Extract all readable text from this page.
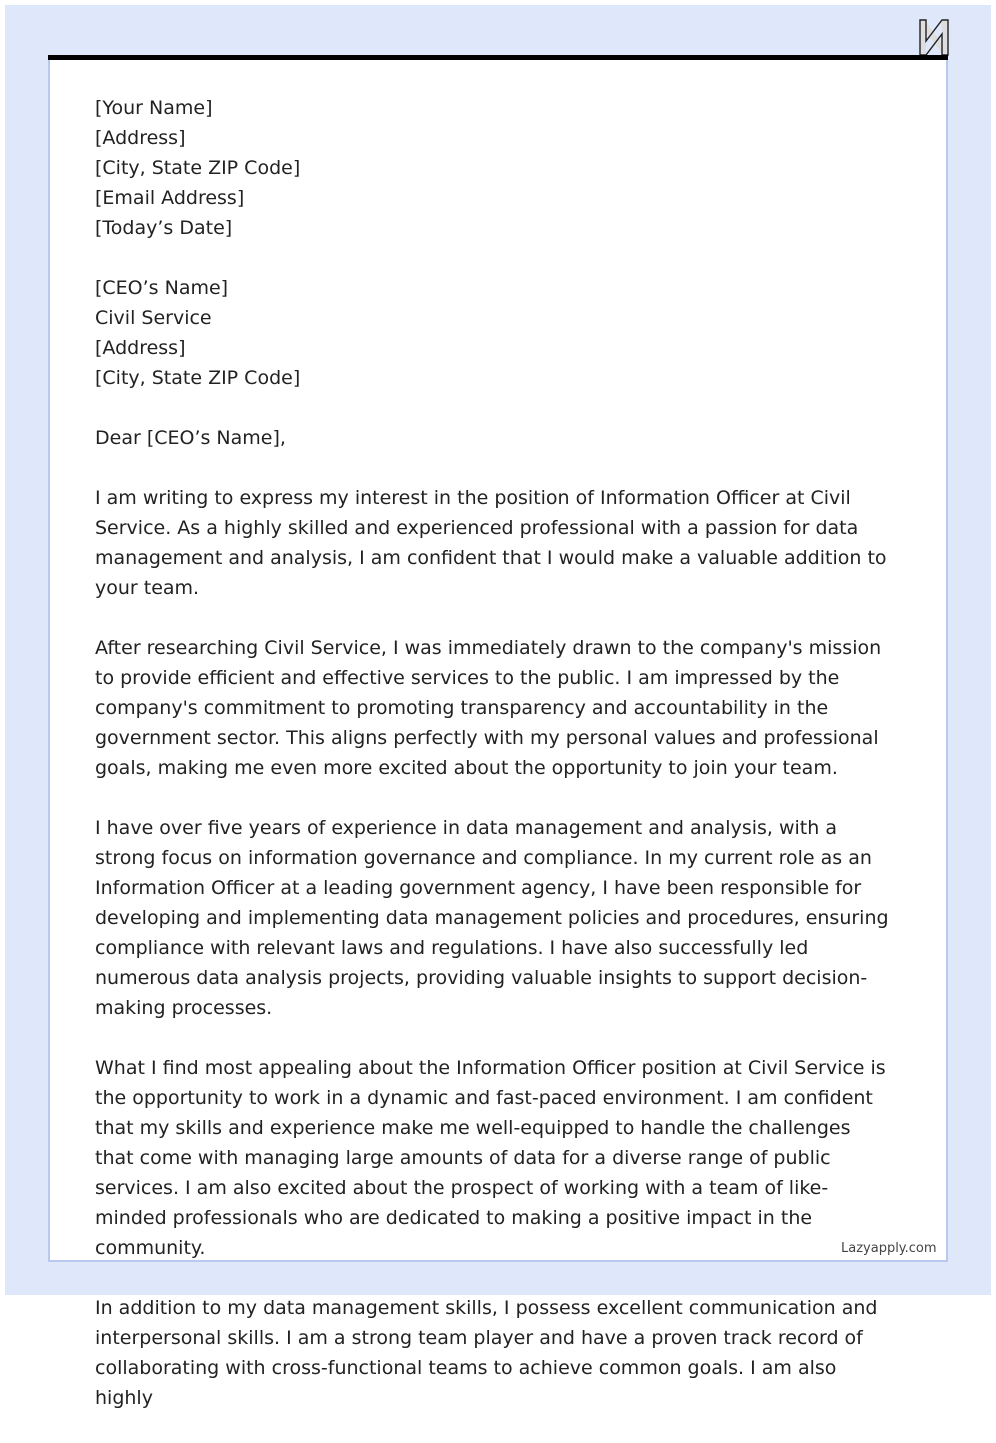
[Your Name]
[Address]
[City, State ZIP Code]
[Email Address]
[Today’s Date]
[CEO’s Name]
Civil Service
[Address]
[City, State ZIP Code]

Dear [CEO’s Name],

I am writing to express my interest in the position of Information Officer at Civil Service. As a highly skilled and experienced professional with a passion for data management and analysis, I am confident that I would make a valuable addition to your team.

After researching Civil Service, I was immediately drawn to the company's mission to provide efficient and effective services to the public. I am impressed by the company's commitment to promoting transparency and accountability in the government sector. This aligns perfectly with my personal values and professional goals, making me even more excited about the opportunity to join your team.

I have over five years of experience in data management and analysis, with a strong focus on information governance and compliance. In my current role as an Information Officer at a leading government agency, I have been responsible for developing and implementing data management policies and procedures, ensuring compliance with relevant laws and regulations. I have also successfully led numerous data analysis projects, providing valuable insights to support decision-making processes.

What I find most appealing about the Information Officer position at Civil Service is the opportunity to work in a dynamic and fast-paced environment. I am confident that my skills and experience make me well-equipped to handle the challenges that come with managing large amounts of data for a diverse range of public services. I am also excited about the prospect of working with a team of like-minded professionals who are dedicated to making a positive impact in the community.

In addition to my data management skills, I possess excellent communication and interpersonal skills. I am a strong team player and have a proven track record of collaborating with cross-functional teams to achieve common goals. I am also highly

Lazyapply.com
